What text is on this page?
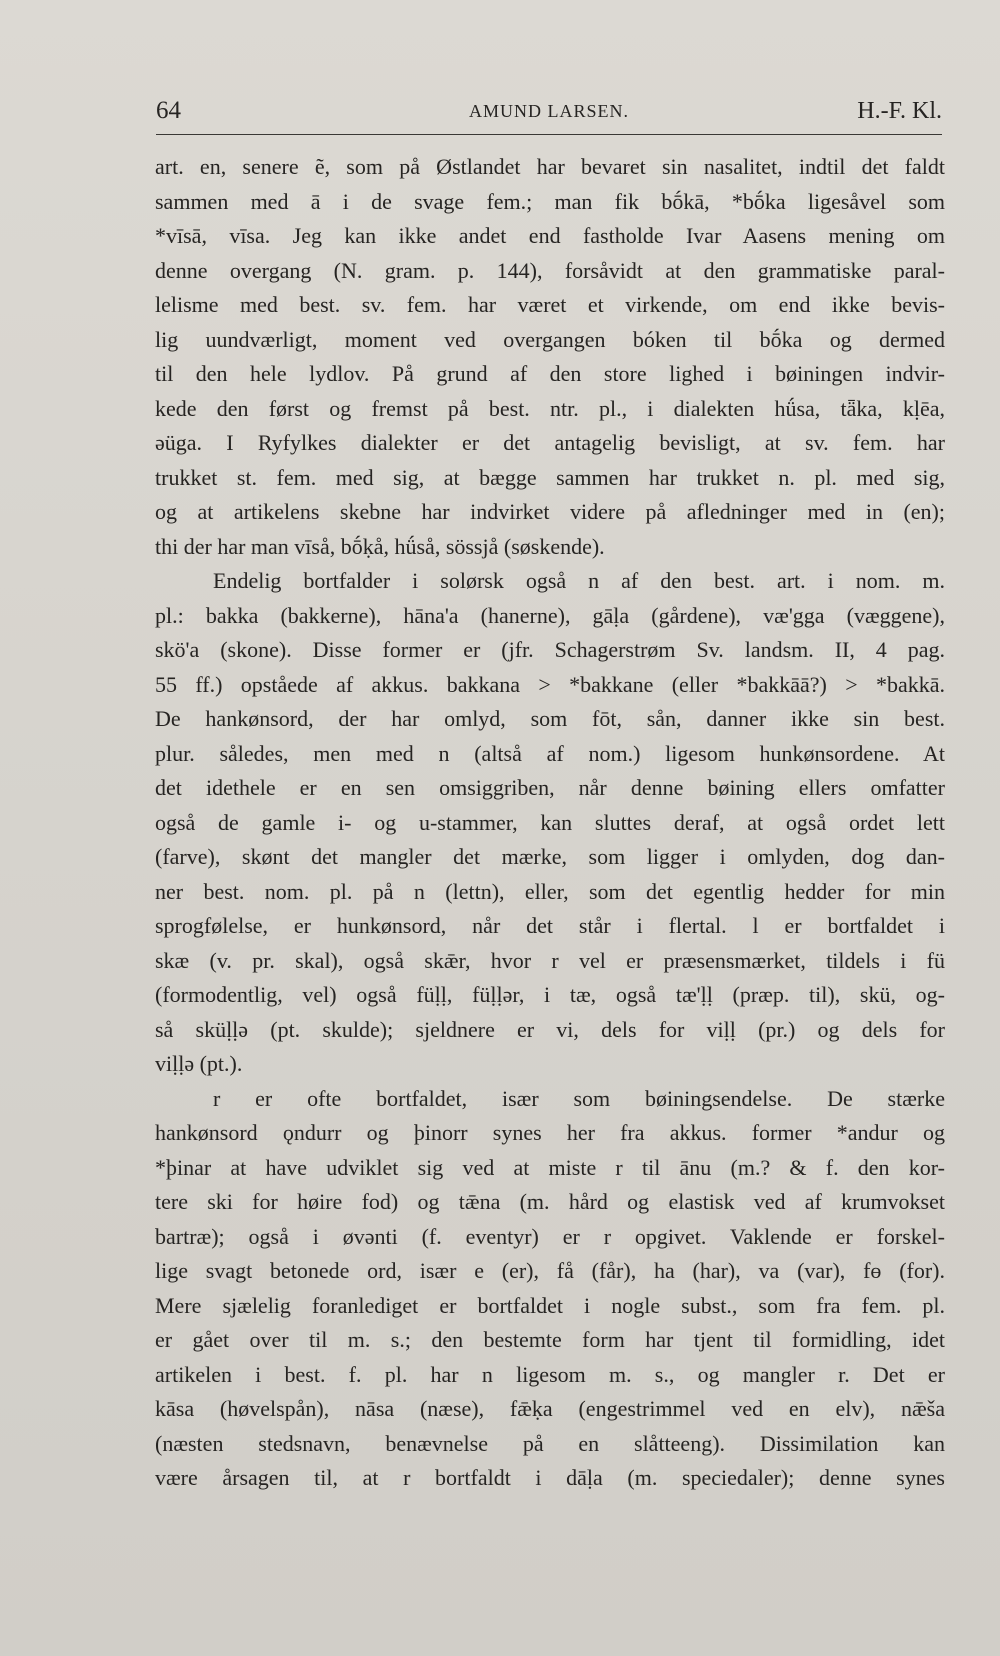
64	AMUND LARSEN.	H.-F. Kl.
art. en, senere ẽ, som på Østlandet har bevaret sin nasalitet, indtil det faldt
sammen med ā i de svage fem.; man fik bṓkā, *bṓka ligesåvel som
*vīsā, vīsa. Jeg kan ikke andet end fastholde Ivar Aasens mening om
denne overgang (N. gram. p. 144), forsåvidt at den grammatiske paral-
lelisme med best. sv. fem. har været et virkende, om end ikke bevis-
lig uundværligt, moment ved overgangen bóken til bṓka og dermed
til den hele lydlov. På grund af den store lighed i bøiningen indvir-
kede den først og fremst på best. ntr. pl., i dialekten hǘsa, tǟka, kḷēa,
əüga. I Ryfylkes dialekter er det antagelig bevisligt, at sv. fem. har
trukket st. fem. med sig, at bægge sammen har trukket n. pl. med sig,
og at artikelens skebne har indvirket videre på afledninger med in (en);
thi der har man vīså, bṓḳå, hǘså, sössjå (søskende).
Endelig bortfalder i solørsk også n af den best. art. i nom. m.
pl.: bakka (bakkerne), hāna'a (hanerne), gāḷa (gårdene), væ'gga (væggene),
skö'a (skone). Disse former er (jfr. Schagerstrøm Sv. landsm. II, 4 pag.
55 ff.) opståede af akkus. bakkana > *bakkane (eller *bakkāā?) > *bakkā.
De hankønsord, der har omlyd, som fōt, sån, danner ikke sin best.
plur. således, men med n (altså af nom.) ligesom hunkønsordene. At
det idethele er en sen omsiggriben, når denne bøining ellers omfatter
også de gamle i- og u-stammer, kan sluttes deraf, at også ordet lett
(farve), skønt det mangler det mærke, som ligger i omlyden, dog dan-
ner best. nom. pl. på n (lettn), eller, som det egentlig hedder for min
sprogfølelse, er hunkønsord, når det står i flertal. l er bortfaldet i
skæ (v. pr. skal), også skǣr, hvor r vel er præsensmærket, tildels i fü
(formodentlig, vel) også füḷḷ, füḷḷər, i tæ, også tæ'ḷḷ (præp. til), skü, og-
så sküḷḷə (pt. skulde); sjeldnere er vi, dels for viḷḷ (pr.) og dels for
viḷḷə (pt.).
r er ofte bortfaldet, især som bøiningsendelse. De stærke
hankønsord ǫndurr og þinorr synes her fra akkus. former *andur og
*þinar at have udviklet sig ved at miste r til ānu (m.? & f. den kor-
tere ski for høire fod) og tǣna (m. hård og elastisk ved af krumvokset
bartræ); også i øvənti (f. eventyr) er r opgivet. Vaklende er forskel-
lige svagt betonede ord, især e (er), få (får), ha (har), va (var), fɵ (for).
Mere sjælelig foranlediget er bortfaldet i nogle subst., som fra fem. pl.
er gået over til m. s.; den bestemte form har tjent til formidling, idet
artikelen i best. f. pl. har n ligesom m. s., og mangler r. Det er
kāsa (høvelspån), nāsa (næse), fǣḳa (engestrimmel ved en elv), nǣša
(næsten stedsnavn, benævnelse på en slåtteeng). Dissimilation kan
være årsagen til, at r bortfaldt i dāḷa (m. speciedaler); denne synes
